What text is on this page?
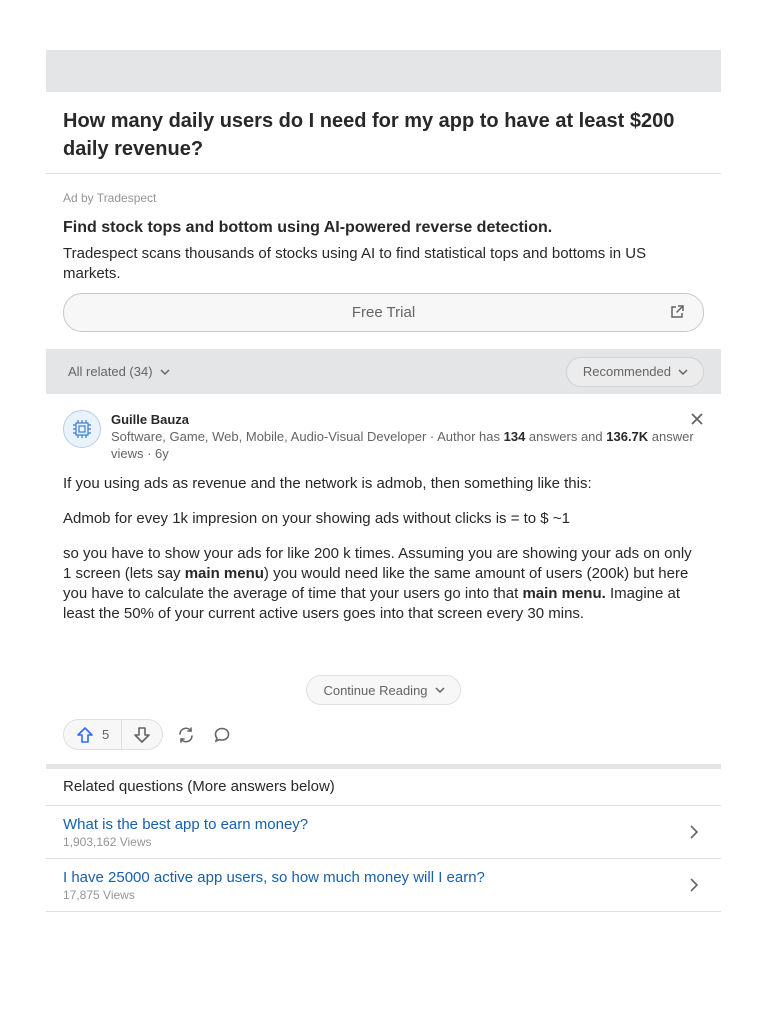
How many daily users do I need for my app to have at least $200 daily revenue?
Ad by Tradespect
Find stock tops and bottom using AI-powered reverse detection.
Tradespect scans thousands of stocks using AI to find statistical tops and bottoms in US markets.
Free Trial
All related (34)	Recommended
Guille Bauza
Software, Game, Web, Mobile, Audio-Visual Developer · Author has 134 answers and 136.7K answer views · 6y

If you using ads as revenue and the network is admob, then something like this:

Admob for evey 1k impresion on your showing ads without clicks is = to $ ~1

so you have to show your ads for like 200 k times. Assuming you are showing your ads on only 1 screen (lets say main menu) you would need like the same amount of users (200k) but here you have to calculate the average of time that your users go into that main menu. Imagine at least the 50% of your current active users goes into that screen every 30 mins.

Continue Reading
5
Related questions (More answers below)
What is the best app to earn money?
1,903,162 Views
I have 25000 active app users, so how much money will I earn?
17,875 Views
